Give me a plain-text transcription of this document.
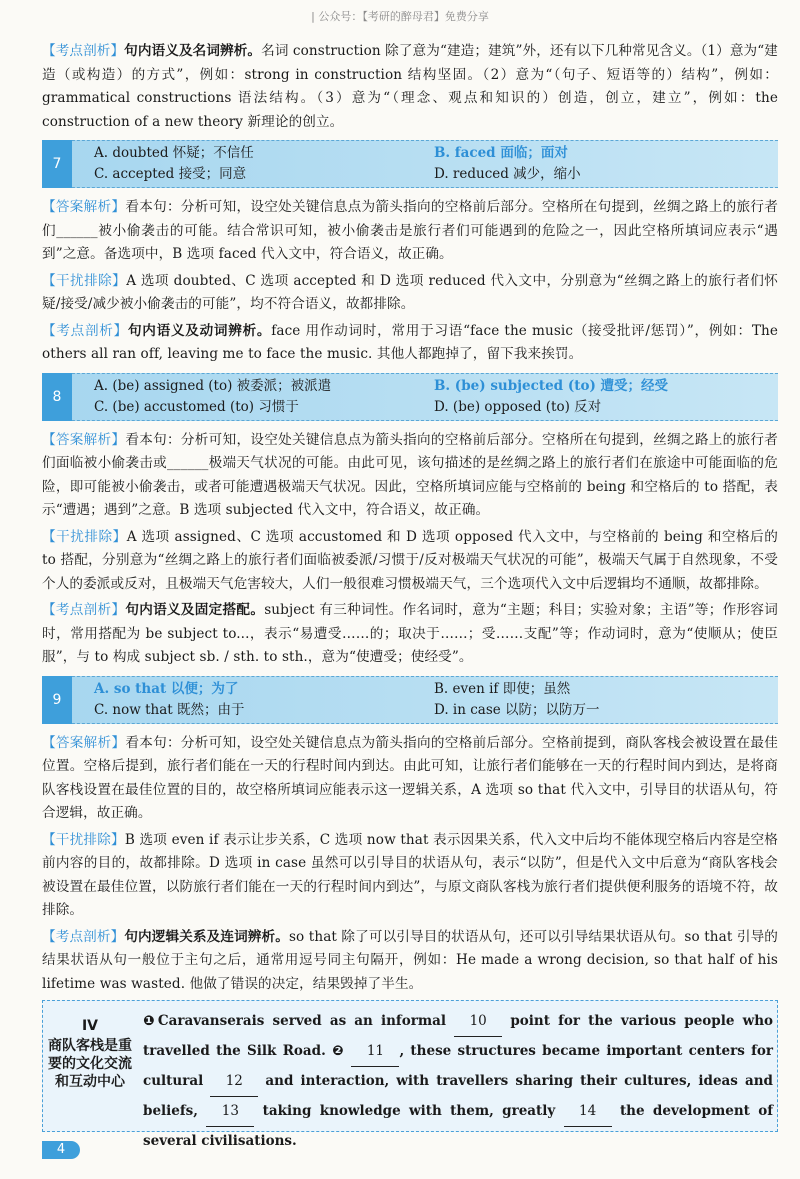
| 公众号：【考研的醉母君】免费分享

【考点剖析】句内语义及名词辨析。名词 construction 除了意为“建造；建筑”外，还有以下几种常见含义。（1）意为“建造（或构造）的方式”，例如：strong in construction 结构坚固。（2）意为“（句子、短语等的）结构”，例如：grammatical constructions 语法结构。（3）意为“（理念、观点和知识的）创造，创立，建立”，例如：the construction of a new theory 新理论的创立。

7
A. doubted 怀疑；不信任	B. faced 面临；面对
C. accepted 接受；同意	D. reduced 减少，缩小

【答案解析】看本句：分析可知，设空处关键信息点为箭头指向的空格前后部分。空格所在句提到，丝绸之路上的旅行者们______被小偷袭击的可能。结合常识可知，被小偷袭击是旅行者们可能遇到的危险之一，因此空格所填词应表示“遇到”之意。备选项中，B 选项 faced 代入文中，符合语义，故正确。

【干扰排除】A 选项 doubted、C 选项 accepted 和 D 选项 reduced 代入文中，分别意为“丝绸之路上的旅行者们怀疑/接受/减少被小偷袭击的可能”，均不符合语义，故都排除。

【考点剖析】句内语义及动词辨析。face 用作动词时，常用于习语“face the music（接受批评/惩罚）”，例如：The others all ran off, leaving me to face the music. 其他人都跑掉了，留下我来挨罚。

8
A. (be) assigned (to) 被委派；被派遣	B. (be) subjected (to) 遭受；经受
C. (be) accustomed (to) 习惯于	D. (be) opposed (to) 反对

【答案解析】看本句：分析可知，设空处关键信息点为箭头指向的空格前后部分。空格所在句提到，丝绸之路上的旅行者们面临被小偷袭击或______极端天气状况的可能。由此可见，该句描述的是丝绸之路上的旅行者们在旅途中可能面临的危险，即可能被小偷袭击，或者可能遭遇极端天气状况。因此，空格所填词应能与空格前的 being 和空格后的 to 搭配，表示“遭遇；遇到”之意。B 选项 subjected 代入文中，符合语义，故正确。

【干扰排除】A 选项 assigned、C 选项 accustomed 和 D 选项 opposed 代入文中，与空格前的 being 和空格后的 to 搭配，分别意为“丝绸之路上的旅行者们面临被委派/习惯于/反对极端天气状况的可能”，极端天气属于自然现象，不受个人的委派或反对，且极端天气危害较大，人们一般很难习惯极端天气，三个选项代入文中后逻辑均不通顺，故都排除。

【考点剖析】句内语义及固定搭配。subject 有三种词性。作名词时，意为“主题；科目；实验对象；主语”等；作形容词时，常用搭配为 be subject to...，表示“易遭受……的；取决于……；受……支配”等；作动词时，意为“使顺从；使臣服”，与 to 构成 subject sb. / sth. to sth.，意为“使遭受；使经受”。

9
A. so that 以便；为了	B. even if 即使；虽然
C. now that 既然；由于	D. in case 以防；以防万一

【答案解析】看本句：分析可知，设空处关键信息点为箭头指向的空格前后部分。空格前提到，商队客栈会被设置在最佳位置。空格后提到，旅行者们能在一天的行程时间内到达。由此可知，让旅行者们能够在一天的行程时间内到达，是将商队客栈设置在最佳位置的目的，故空格所填词应能表示这一逻辑关系，A 选项 so that 代入文中，引导目的状语从句，符合逻辑，故正确。

【干扰排除】B 选项 even if 表示让步关系，C 选项 now that 表示因果关系，代入文中后均不能体现空格后内容是空格前内容的目的，故都排除。D 选项 in case 虽然可以引导目的状语从句，表示“以防”，但是代入文中后意为“商队客栈会被设置在最佳位置，以防旅行者们能在一天的行程时间内到达”，与原文商队客栈为旅行者们提供便利服务的语境不符，故排除。

【考点剖析】句内逻辑关系及连词辨析。so that 除了可以引导目的状语从句，还可以引导结果状语从句。so that 引导的结果状语从句一般位于主句之后，通常用逗号同主句隔开，例如：He made a wrong decision, so that half of his lifetime was wasted. 他做了错误的决定，结果毁掉了半生。

IV
商队客栈是重要的文化交流和互动中心
❶Caravanserais served as an informal 10 point for the various people who travelled the Silk Road. ❷ 11 , these structures became important centers for cultural 12 and interaction, with travellers sharing their cultures, ideas and beliefs, 13 taking knowledge with them, greatly 14 the development of several civilisations.
4
